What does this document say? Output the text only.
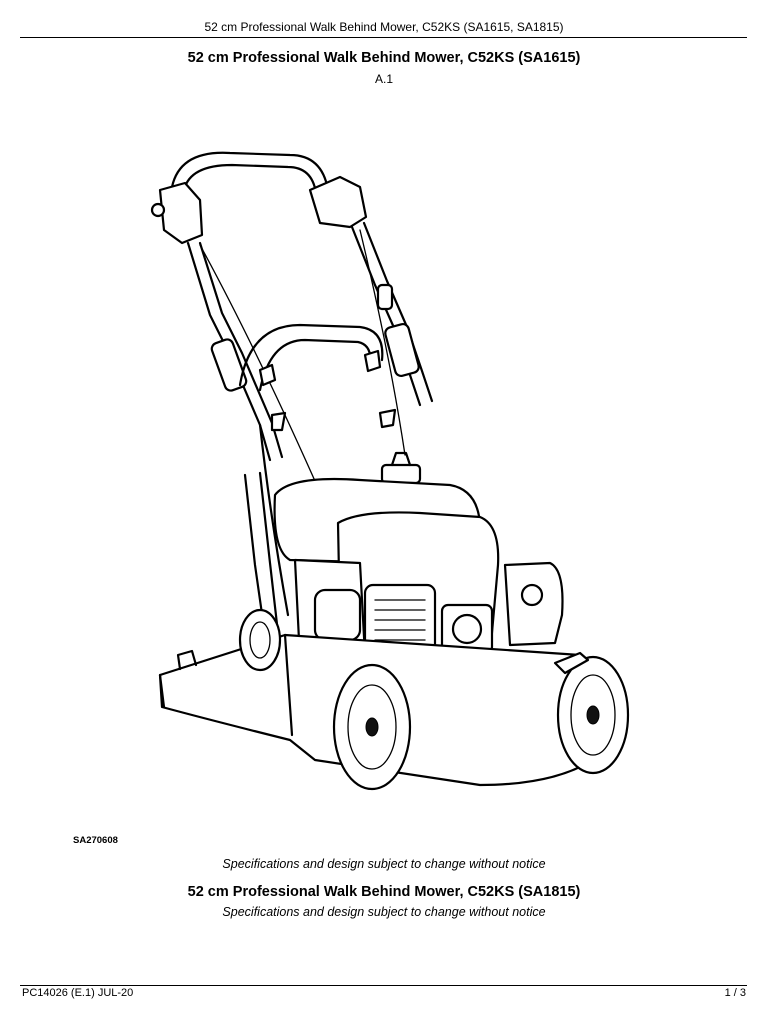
52 cm Professional Walk Behind Mower, C52KS (SA1615, SA1815)
52 cm Professional Walk Behind Mower, C52KS (SA1615)
A.1
SA270608
Specifications and design subject to change without notice
52 cm Professional Walk Behind Mower, C52KS (SA1815)
Specifications and design subject to change without notice
PC14026 (E.1) JUL-20	1 / 3
